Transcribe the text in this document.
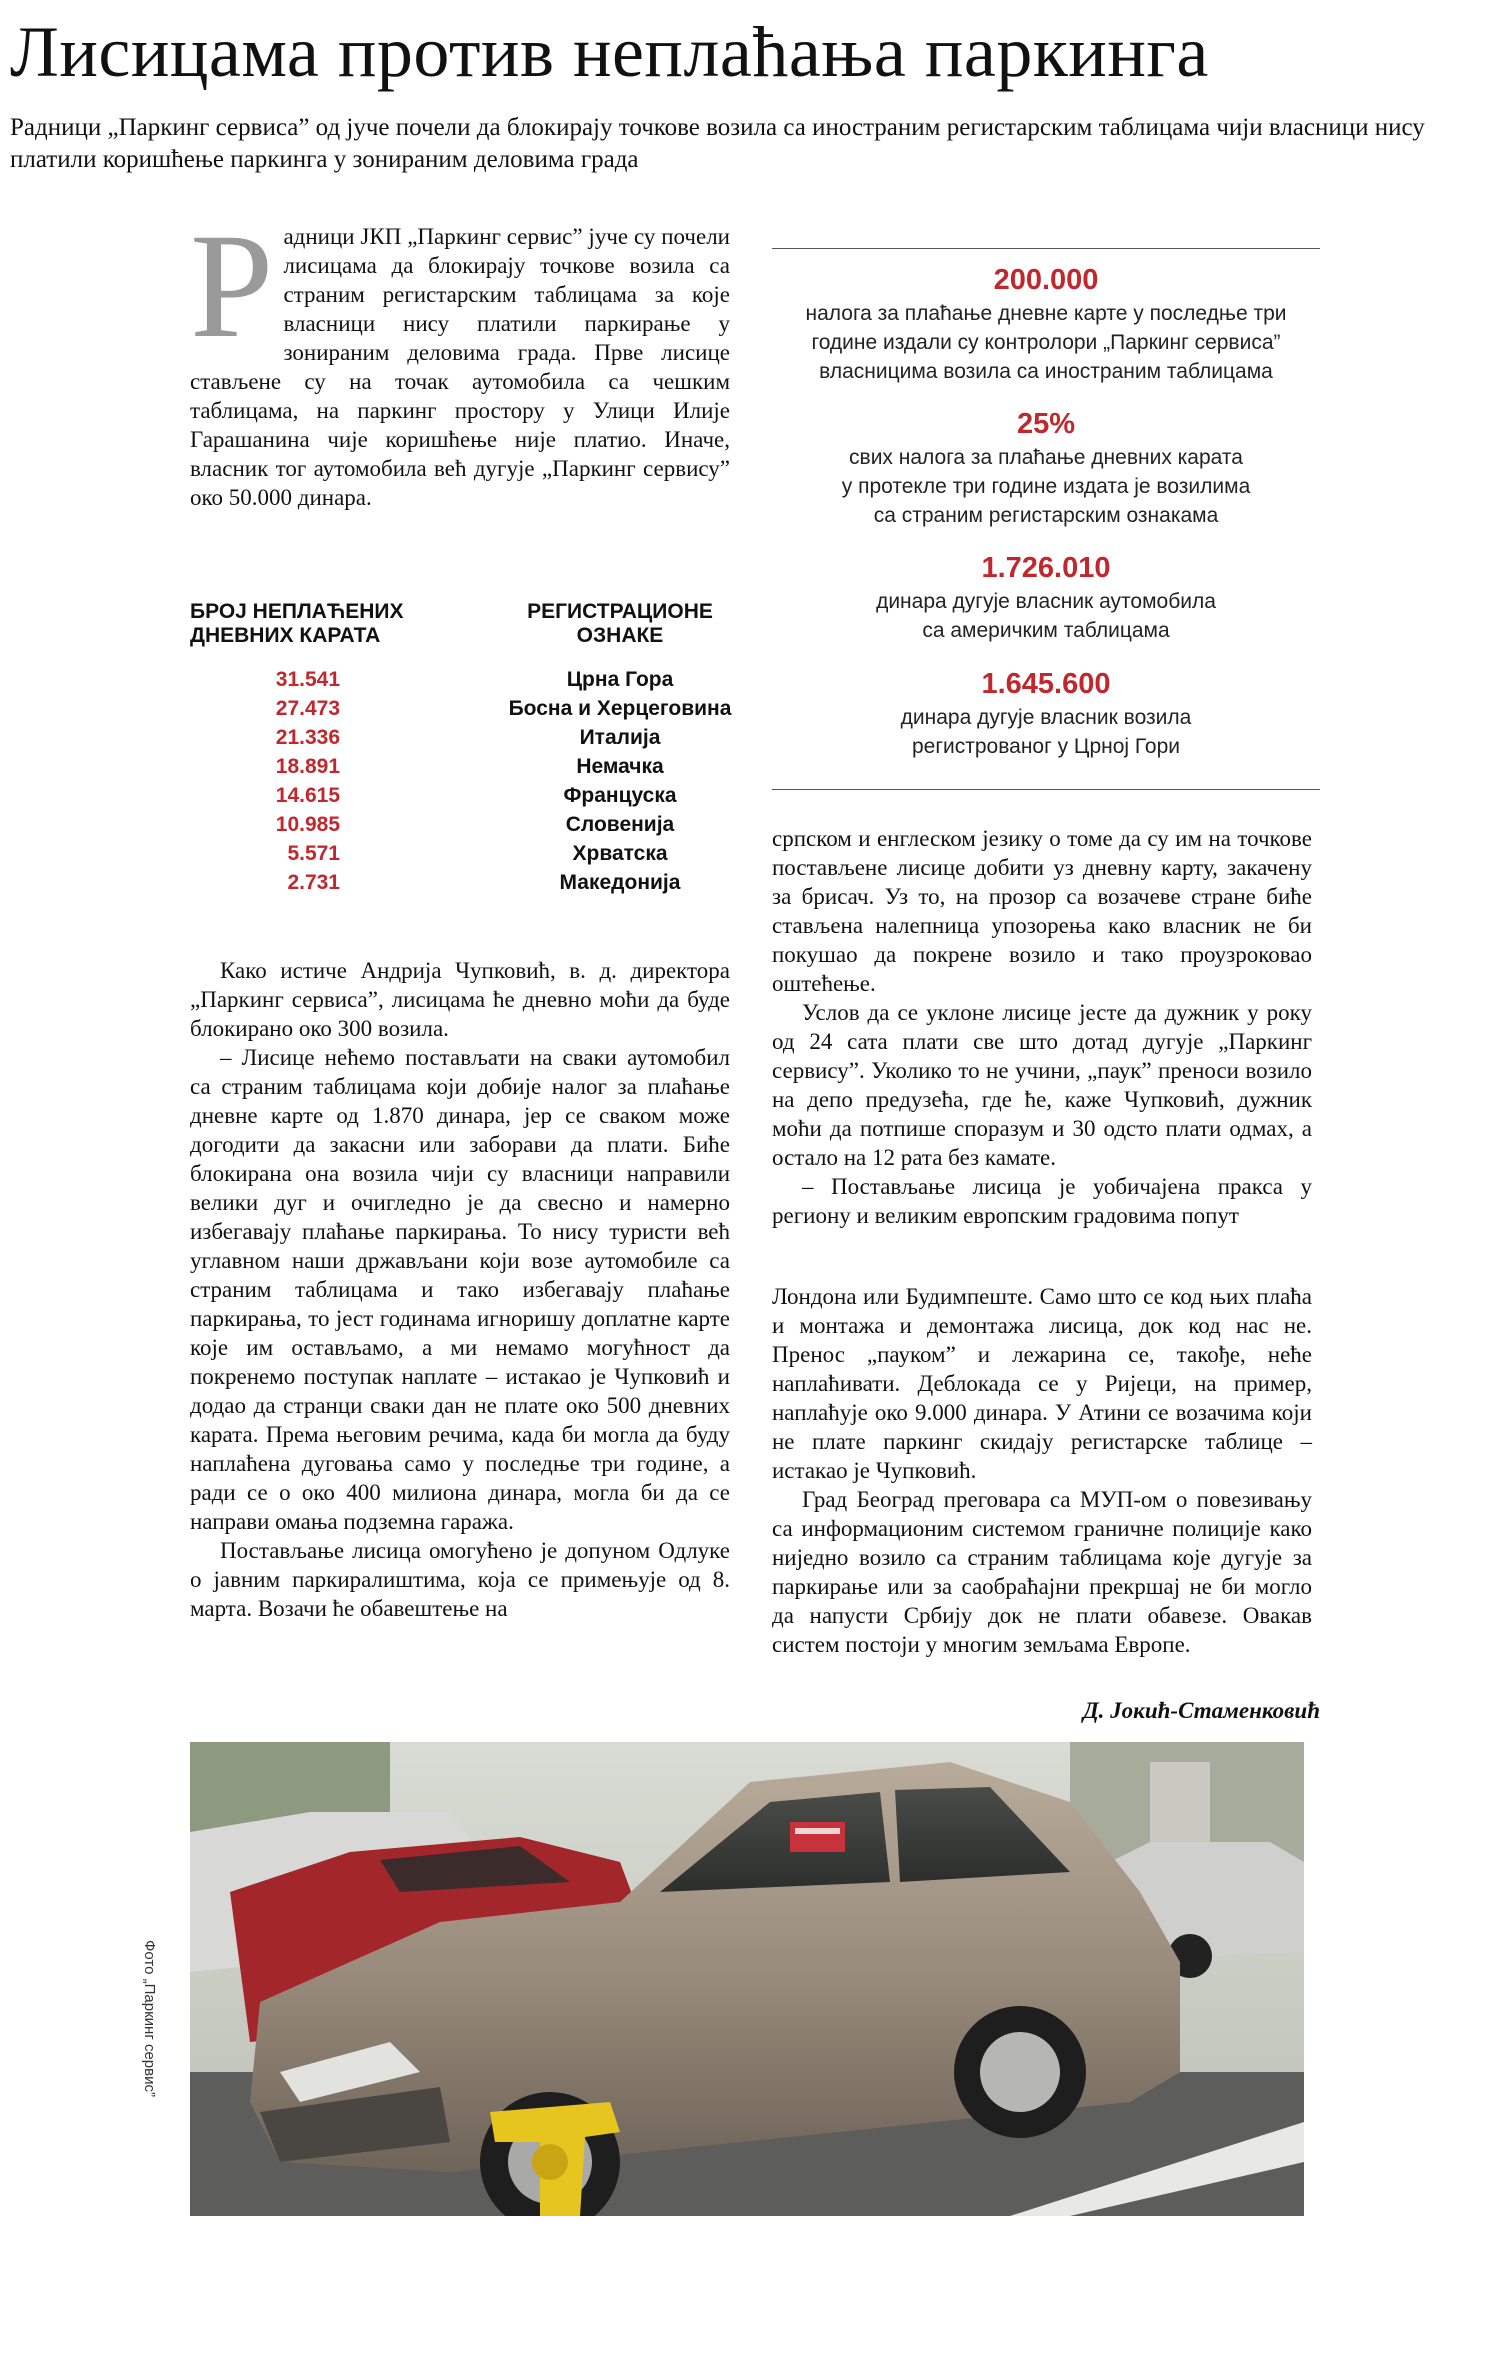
Лисицама против неплаћања паркинга

Радници „Паркинг сервиса” од јуче почели да блокирају точкове возила са иностраним регистарским таблицама чији власници нису платили коришћење паркинга у зонираним деловима града

Р адници ЈКП „Паркинг сервис” јуче су почели лисицама да блокирају точкове возила са страним регистарским таблицама за које власници нису платили паркирање у зонираним деловима града. Прве лисице стављене су на точак аутомобила са чешким таблицама, на паркинг простору у Улици Илије Гарашанина чије коришћење није платио. Иначе, власник тог аутомобила већ дугује „Паркинг сервису” око 50.000 динара.

БРОЈ НЕПЛАЋЕНИХ
ДНЕВНИХ КАРАТА
РЕГИСТРАЦИОНЕ
ОЗНАКЕ
31.541	Црна Гора
27.473	Босна и Херцеговина
21.336	Италија
18.891	Немачка
14.615	Француска
10.985	Словенија
5.571	Хрватска
2.731	Македонија

Како истиче Андрија Чупковић, в. д. директора „Паркинг сервиса”, лисицама ће дневно моћи да буде блокирано око 300 возила.

– Лисице нећемо постављати на сваки аутомобил са страним таблицама који добије налог за плаћање дневне карте од 1.870 динара, јер се сваком може догодити да закасни или заборави да плати. Биће блокирана она возила чији су власници направили велики дуг и очигледно је да свесно и намерно избегавају плаћање паркирања. То нису туристи већ углавном наши држављани који возе аутомобиле са страним таблицама и тако избегавају плаћање паркирања, то јест годинама игноришу доплатне карте које им остављамо, а ми немамо могућност да покренемо поступак наплате – истакао је Чупковић и додао да странци сваки дан не плате око 500 дневних карата. Према његовим речима, када би могла да буду наплаћена дуговања само у последње три године, а ради се о око 400 милиона динара, могла би да се направи омања подземна гаража.

Постављање лисица омогућено је допуном Одлуке о јавним паркиралиштима, која се примењује од 8. марта. Возачи ће обавештење на

200.000
налога за плаћање дневне карте у последње три
године издали су контролори „Паркинг сервиса”
власницима возила са иностраним таблицама
25%
свих налога за плаћање дневних карата
у протекле три године издата је возилима
са страним регистарским ознакама
1.726.010
динара дугује власник аутомобила
са америчким таблицама
1.645.600
динара дугује власник возила
регистрованог у Црној Гори

српском и енглеском језику о томе да су им на точкове постављене лисице добити уз дневну карту, закачену за брисач. Уз то, на прозор са возачеве стране биће стављена налепница упозорења како власник не би покушао да покрене возило и тако проузроковао оштећење.

Услов да се уклоне лисице јесте да дужник у року од 24 сата плати све што дотад дугује „Паркинг сервису”. Уколико то не учини, „паук” преноси возило на депо предузећа, где ће, каже Чупковић, дужник моћи да потпише споразум и 30 одсто плати одмах, а остало на 12 рата без камате.

– Постављање лисица је уобичајена пракса у региону и великим европским градовима попут

Лондона или Будимпеште. Само што се код њих плаћа и монтажа и демонтажа лисица, док код нас не. Пренос „пауком” и лежарина се, такође, неће наплаћивати. Деблокада се у Ријеци, на пример, наплаћује око 9.000 динара. У Атини се возачима који не плате паркинг скидају регистарске таблице – истакао је Чупковић.

Град Београд преговара са МУП-ом о повезивању са информационим системом граничне полиције како ниједно возило са страним таблицама које дугује за паркирање или за саобраћајни прекршај не би могло да напусти Србију док не плати обавезе. Овакав систем постоји у многим земљама Европе.

Д. Јокић-Стаменковић
Фото „Паркинг сервис”
